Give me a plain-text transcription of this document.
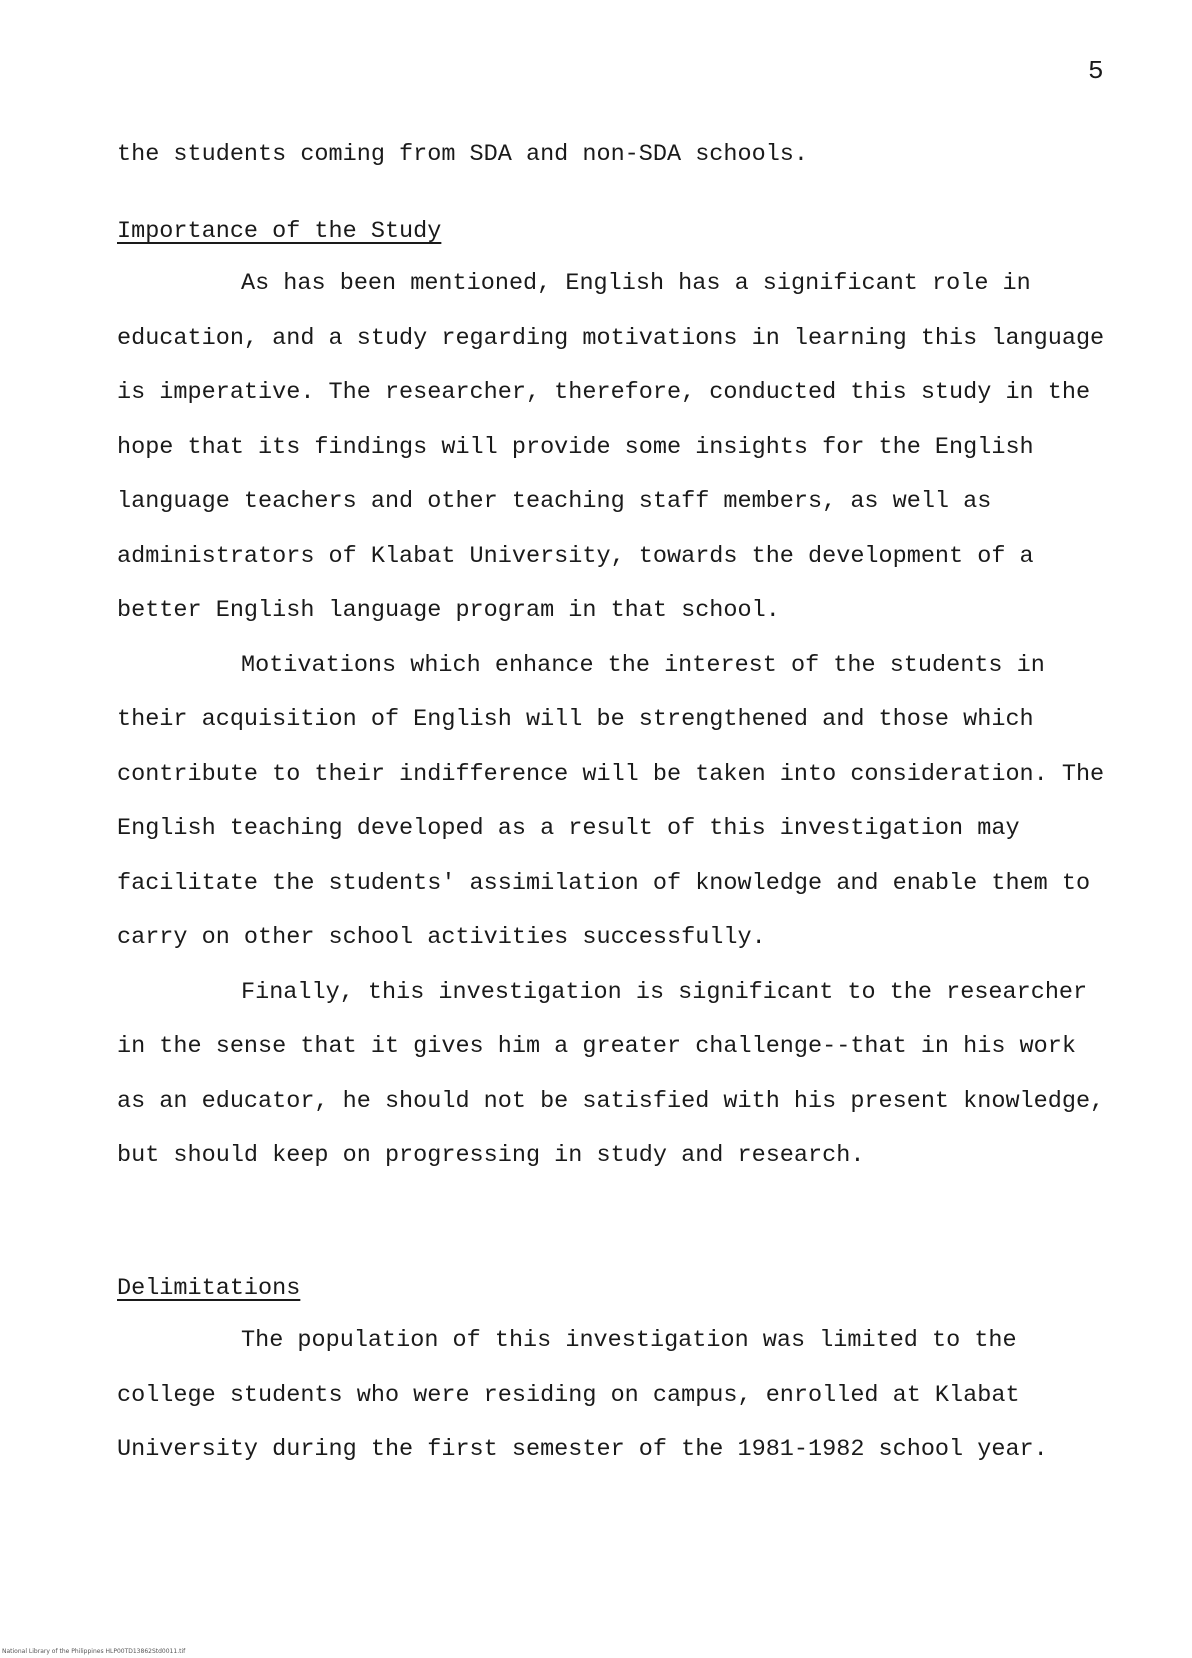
5

the students coming from SDA and non-SDA schools.

Importance of the Study

As has been mentioned, English has a significant role in education, and a study regarding motivations in learning this language is imperative. The researcher, therefore, conducted this study in the hope that its findings will provide some insights for the English language teachers and other teaching staff members, as well as administrators of Klabat University, towards the development of a better English language program in that school.

Motivations which enhance the interest of the students in their acquisition of English will be strengthened and those which contribute to their indifference will be taken into consideration. The English teaching developed as a result of this investigation may facilitate the students' assimilation of knowledge and enable them to carry on other school activities successfully.

Finally, this investigation is significant to the researcher in the sense that it gives him a greater challenge--that in his work as an educator, he should not be satisfied with his present knowledge, but should keep on progressing in study and research.

Delimitations

The population of this investigation was limited to the college students who were residing on campus, enrolled at Klabat University during the first semester of the 1981-1982 school year.

National Library of the Philippines HLP00TD13862Std0011.tif
